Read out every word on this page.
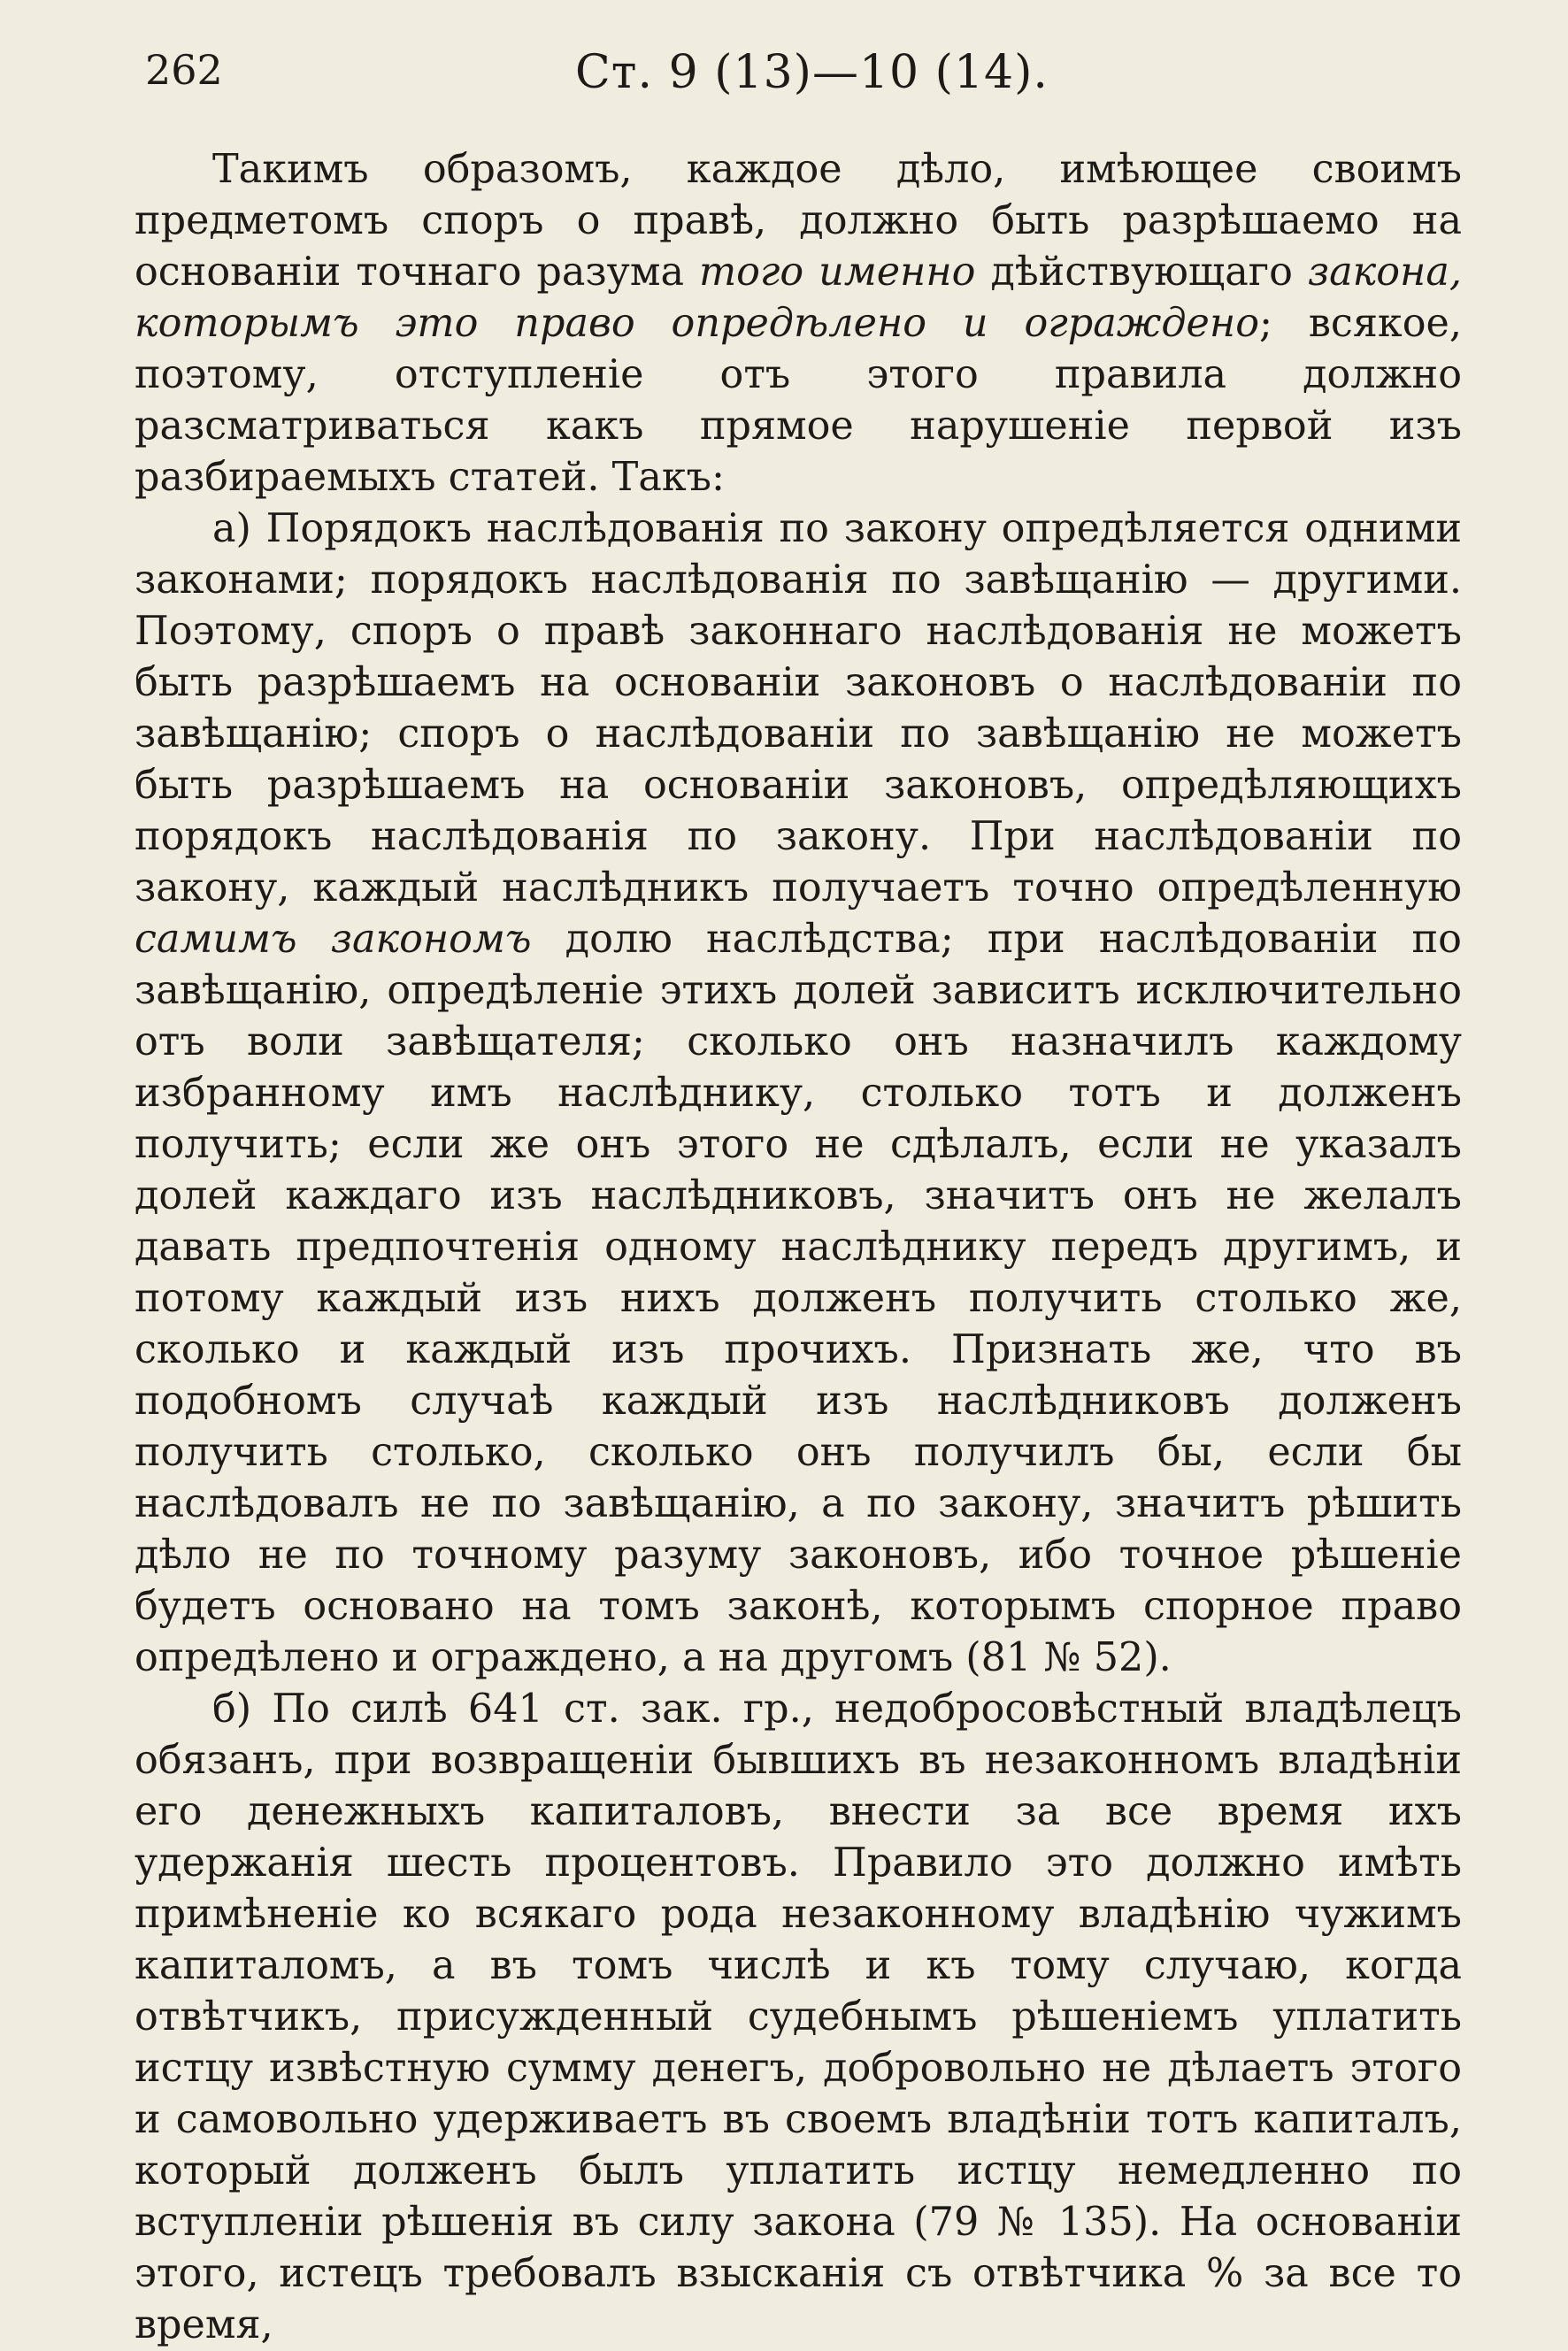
262	Ст. 9 (13)—10 (14).

Такимъ образомъ, каждое дѣло, имѣющее своимъ предметомъ споръ о правѣ, должно быть разрѣшаемо на основаніи точнаго разума того именно дѣйствующаго закона, которымъ это право опредѣлено и ограждено; всякое, поэтому, отступленіе отъ этого правила должно разсматриваться какъ прямое нарушеніе первой изъ разбираемыхъ статей. Такъ:

а) Порядокъ наслѣдованія по закону опредѣляется одними законами; порядокъ наслѣдованія по завѣщанію — другими. Поэтому, споръ о правѣ законнаго наслѣдованія не можетъ быть разрѣшаемъ на основаніи законовъ о наслѣдованіи по завѣщанію; споръ о наслѣдованіи по завѣщанію не можетъ быть разрѣшаемъ на основаніи законовъ, опредѣляющихъ порядокъ наслѣдованія по закону. При наслѣдованіи по закону, каждый наслѣдникъ получаетъ точно опредѣленную самимъ закономъ долю наслѣдства; при наслѣдованіи по завѣщанію, опредѣленіе этихъ долей зависитъ исключительно отъ воли завѣщателя; сколько онъ назначилъ каждому избранному имъ наслѣднику, столько тотъ и долженъ получить; если же онъ этого не сдѣлалъ, если не указалъ долей каждаго изъ наслѣдниковъ, значитъ онъ не желалъ давать предпочтенія одному наслѣднику передъ другимъ, и потому каждый изъ нихъ долженъ получить столько же, сколько и каждый изъ прочихъ. Признать же, что въ подобномъ случаѣ каждый изъ наслѣдниковъ долженъ получить столько, сколько онъ получилъ бы, если бы наслѣдовалъ не по завѣщанію, а по закону, значитъ рѣшить дѣло не по точному разуму законовъ, ибо точное рѣшеніе будетъ основано на томъ законѣ, которымъ спорное право опредѣлено и ограждено, а на другомъ (81 № 52).

б) По силѣ 641 ст. зак. гр., недобросовѣстный владѣлецъ обязанъ, при возвращеніи бывшихъ въ незаконномъ владѣніи его денежныхъ капиталовъ, внести за все время ихъ удержанія шесть процентовъ. Правило это должно имѣть примѣненіе ко всякаго рода незаконному владѣнію чужимъ капиталомъ, а въ томъ числѣ и къ тому случаю, когда отвѣтчикъ, присужденный судебнымъ рѣшеніемъ уплатить истцу извѣстную сумму денегъ, добровольно не дѣлаетъ этого и самовольно удерживаетъ въ своемъ владѣніи тотъ капиталъ, который долженъ былъ уплатить истцу немедленно по вступленіи рѣшенія въ силу закона (79 № 135). На основаніи этого, истецъ требовалъ взысканія съ отвѣтчика % за все то время,
